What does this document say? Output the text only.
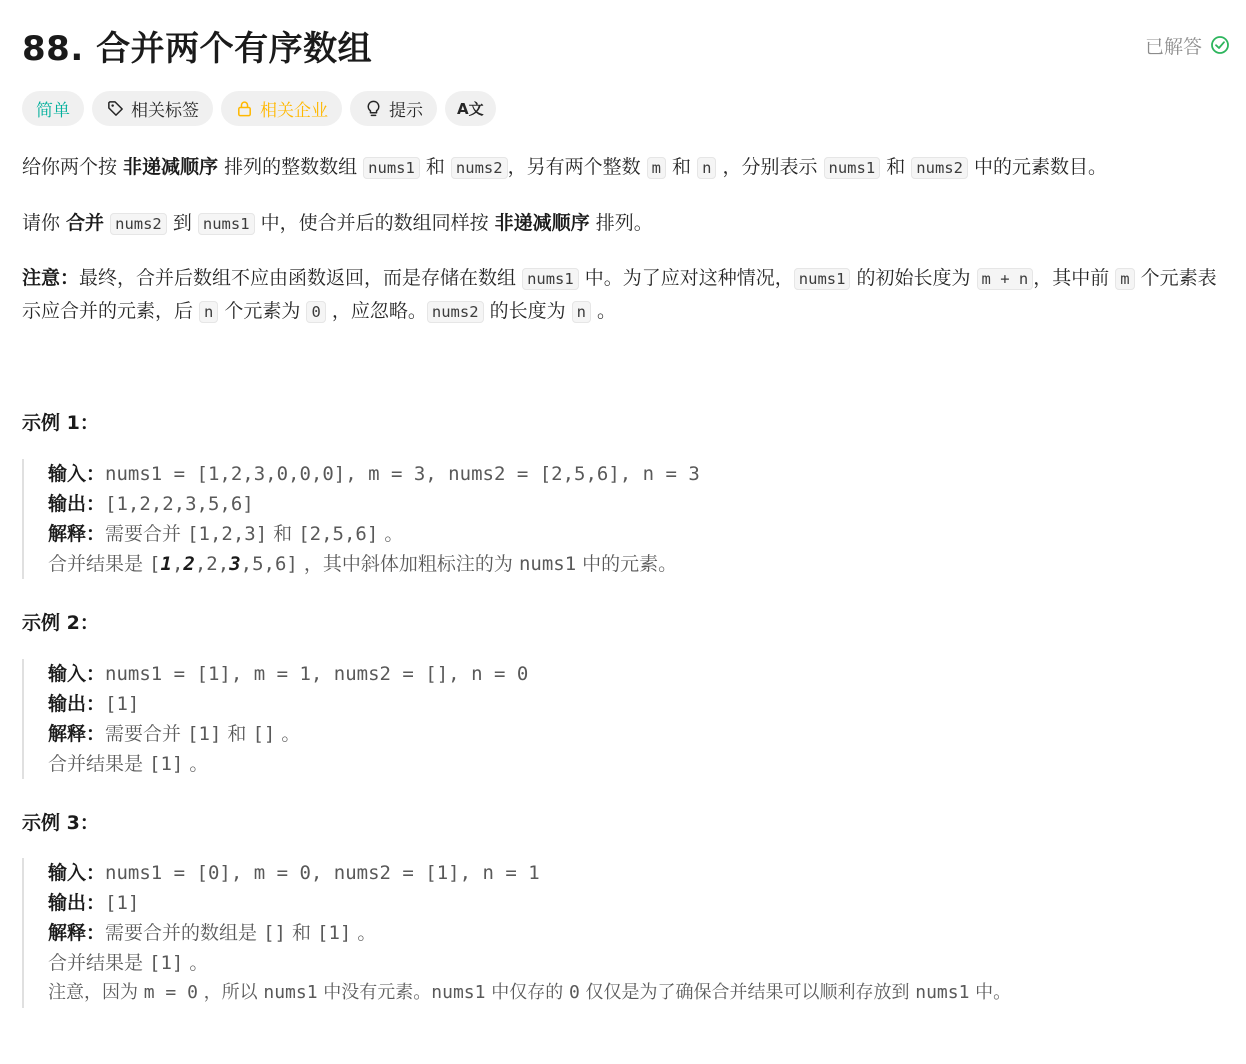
88. 合并两个有序数组	已解答
简单	相关标签	相关企业	提示 A文
给你两个按 非递减顺序 排列的整数数组 nums1 和 nums2 ，另有两个整数 m 和 n ，分别表示 nums1 和 nums2 中的元素数目。
请你 合并 nums2 到 nums1 中，使合并后的数组同样按 非递减顺序 排列。
注意：最终，合并后数组不应由函数返回，而是存储在数组 nums1 中。为了应对这种情况， nums1 的初始长度为 m + n ，其中前 m 个元素表示应合并的元素，后 n 个元素为 0 ，应忽略。 nums2 的长度为 n 。
示例 1：
输入：nums1 = [1,2,3,0,0,0], m = 3, nums2 = [2,5,6], n = 3
输出：[1,2,2,3,5,6]
解释：需要合并 [1,2,3] 和 [2,5,6] 。
合并结果是 [1,2,2,3,5,6] ，其中斜体加粗标注的为 nums1 中的元素。
示例 2：
输入：nums1 = [1], m = 1, nums2 = [], n = 0
输出：[1]
解释：需要合并 [1] 和 [] 。
合并结果是 [1] 。
示例 3：
输入：nums1 = [0], m = 0, nums2 = [1], n = 1
输出：[1]
解释：需要合并的数组是 [] 和 [1] 。
合并结果是 [1] 。
注意，因为 m = 0 ，所以 nums1 中没有元素。nums1 中仅存的 0 仅仅是为了确保合并结果可以顺利存放到 nums1 中。
